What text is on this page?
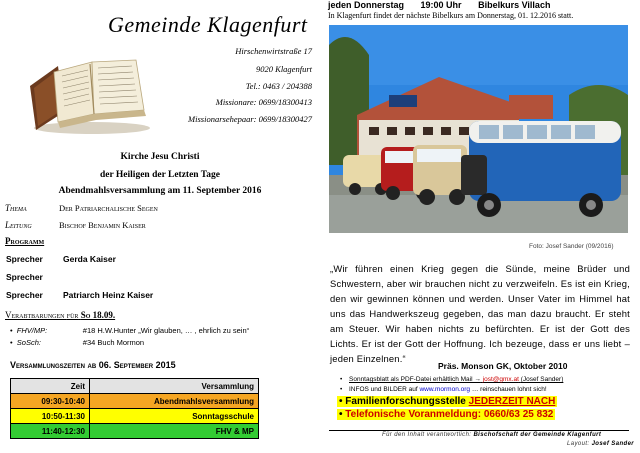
Gemeinde Klagenfurt
Hirschenwirtstraße 17
9020 Klagenfurt
Tel.: 0463 / 204388
Missionare: 0699/18300413
Missionarsehepaar: 0699/18300427
Kirche Jesu Christi
der Heiligen der Letzten Tage
Abendmahlsversammlung am 11. September 2016
Thema	Der Patriarchalische Segen
Leitung	Bischof Benjamin Kaiser
Programm
Sprecher Gerda Kaiser
Sprecher
Sprecher Patriarch Heinz Kaiser
Verabtbarungen für So 18.09.
•  FHV/MP:	#18 H.W.Hunter „Wir glauben, … , ehrlich zu sein“
•  SoSch:	#34 Buch Mormon
Versammlungszeiten ab 06. September 2015
Zeit	Versammlung
09:30-10:40	Abendmahlsversammlung
10:50-11:30	Sonntagsschule
11:40-12:30	FHV & MP
jeden Donnerstag 19:00 Uhr Bibelkurs Villach
In Klagenfurt findet der nächste Bibelkurs am Donnerstag, 01. 12.2016 statt.
Foto: Josef Sander (09/2016)
„Wir führen einen Krieg gegen die Sünde, meine Brüder und Schwestern, aber wir brauchen nicht zu verzweifeln. Es ist ein Krieg, den wir gewinnen können und werden. Unser Vater im Himmel hat uns das Handwerkszeug gegeben, das man dazu braucht. Er steht am Steuer. Wir haben nichts zu befürchten. Er ist der Gott des Lichts. Er ist der Gott der Hoffnung. Ich bezeuge, dass er uns liebt – jeden Einzelnen.“
Präs. Monson GK, Oktober 2010
• Sonntagsblatt als PDF-Datei erhältlich Mail → jost@gmx.at (Josef Sander)
• INFOS und BILDER auf www.mormon.org … reinschauen lohnt sich!
• Familienforschungsstelle JEDERZEIT NACH
• Telefonische Voranmeldung: 0660/63 25 832
Für den Inhalt verantwortlich: Bischofschaft der Gemeinde Klagenfurt
Layout: Josef Sander
